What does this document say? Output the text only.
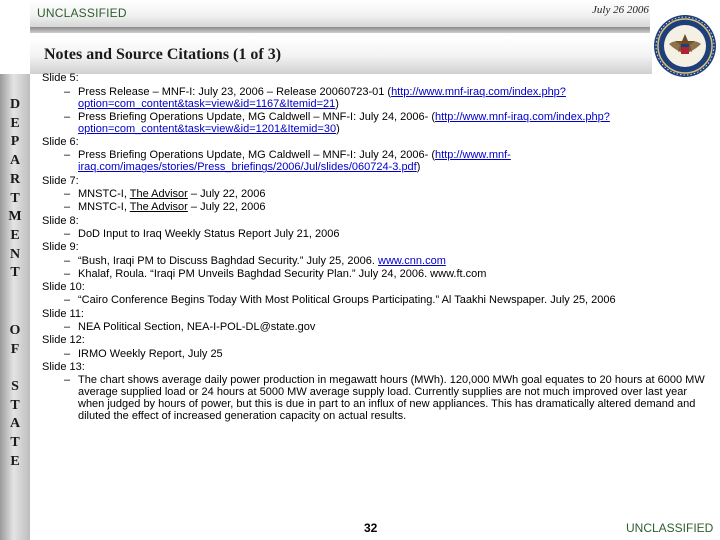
UNCLASSIFIED	July 26 2006
Notes and Source Citations (1 of 3)
D
E
P
A
R
T
M
E
N
T
O
F
S
T
A
T
E
Slide 5:
– Press Release – MNF-I: July 23, 2006 – Release 20060723-01 (http://www.mnf-iraq.com/index.php?option=com_content&task=view&id=1167&Itemid=21)
– Press Briefing Operations Update, MG Caldwell – MNF-I: July 24, 2006- (http://www.mnf-iraq.com/index.php?option=com_content&task=view&id=1201&Itemid=30)
Slide 6:
– Press Briefing Operations Update, MG Caldwell – MNF-I: July 24, 2006- (http://www.mnf-iraq.com/images/stories/Press_briefings/2006/Jul/slides/060724-3.pdf)
Slide 7:
– MNSTC-I, The Advisor – July 22, 2006
– MNSTC-I, The Advisor – July 22, 2006
Slide 8:
– DoD Input to Iraq Weekly Status Report July 21, 2006
Slide 9:
– “Bush, Iraqi PM to Discuss Baghdad Security.” July 25, 2006. www.cnn.com
– Khalaf, Roula. “Iraqi PM Unveils Baghdad Security Plan.” July 24, 2006. www.ft.com
Slide 10:
– “Cairo Conference Begins Today With Most Political Groups Participating.” Al Taakhi Newspaper. July 25, 2006
Slide 11:
– NEA Political Section, NEA-I-POL-DL@state.gov
Slide 12:
– IRMO Weekly Report, July 25
Slide 13:
– The chart shows average daily power production in megawatt hours (MWh). 120,000 MWh goal equates to 20 hours at 6000 MW average supplied load or 24 hours at 5000 MW average supply load. Currently supplies are not much improved over last year when judged by hours of power, but this is due in part to an influx of new appliances. This has dramatically altered demand and diluted the effect of increased generation capacity on actual results.
32	UNCLASSIFIED
